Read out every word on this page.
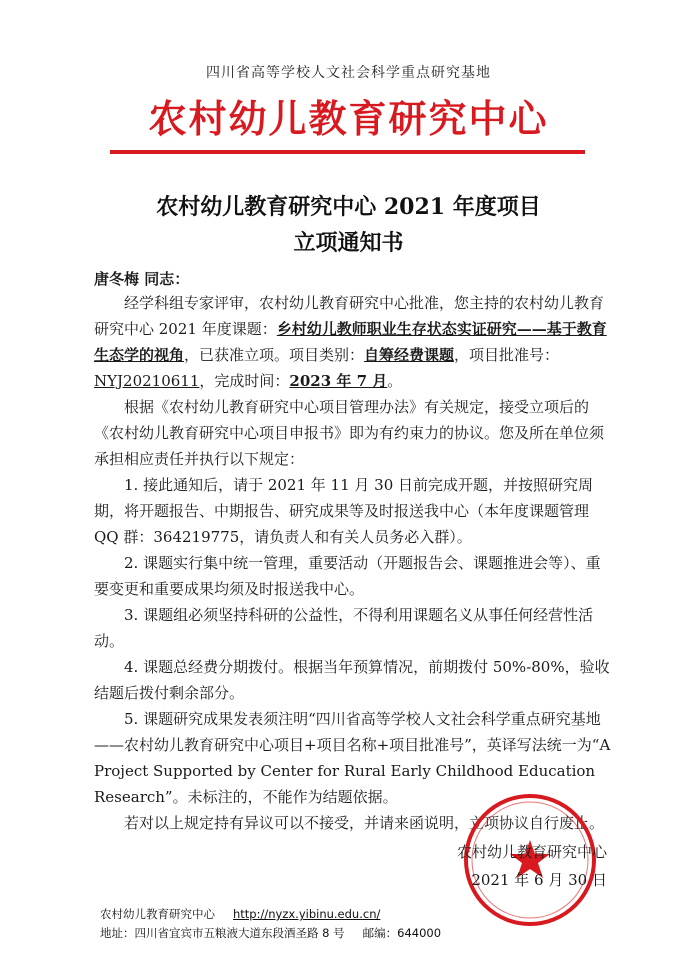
四川省高等学校人文社会科学重点研究基地
农村幼儿教育研究中心
农村幼儿教育研究中心 2021 年度项目
立项通知书
唐冬梅 同志：

经学科组专家评审，农村幼儿教育研究中心批准，您主持的农村幼儿教育研究中心 2021 年度课题：乡村幼儿教师职业生存状态实证研究——基于教育生态学的视角，已获准立项。项目类别：自筹经费课题，项目批准号：NYJ20210611，完成时间：2023 年 7 月。

根据《农村幼儿教育研究中心项目管理办法》有关规定，接受立项后的《农村幼儿教育研究中心项目申报书》即为有约束力的协议。您及所在单位须承担相应责任并执行以下规定：

1. 接此通知后，请于 2021 年 11 月 30 日前完成开题，并按照研究周期，将开题报告、中期报告、研究成果等及时报送我中心（本年度课题管理 QQ 群：364219775，请负责人和有关人员务必入群）。

2. 课题实行集中统一管理，重要活动（开题报告会、课题推进会等）、重要变更和重要成果均须及时报送我中心。

3. 课题组必须坚持科研的公益性，不得利用课题名义从事任何经营性活动。

4. 课题总经费分期拨付。根据当年预算情况，前期拨付 50%-80%，验收结题后拨付剩余部分。

5. 课题研究成果发表须注明“四川省高等学校人文社会科学重点研究基地——农村幼儿教育研究中心项目+项目名称+项目批准号”，英译写法统一为“A Project Supported by Center for Rural Early Childhood Education Research”。未标注的，不能作为结题依据。

若对以上规定持有异议可以不接受，并请来函说明，立项协议自行废止。

农村幼儿教育研究中心
2021 年 6 月 30 日
农村幼儿教育研究中心 http://nyzx.yibinu.edu.cn/
地址：四川省宜宾市五粮液大道东段酒圣路 8 号 邮编：644000
